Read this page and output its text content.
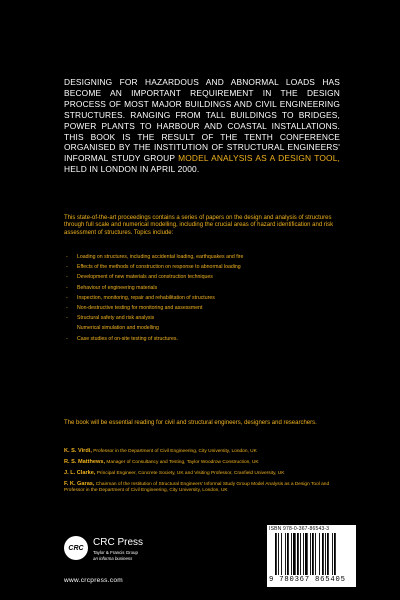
DESIGNING FOR HAZARDOUS AND ABNORMAL LOADS HAS BECOME AN IMPORTANT REQUIREMENT IN THE DESIGN PROCESS OF MOST MAJOR BUILDINGS AND CIVIL ENGINEERING STRUCTURES. RANGING FROM TALL BUILDINGS TO BRIDGES, POWER PLANTS TO HARBOUR AND COASTAL INSTALLATIONS. THIS BOOK IS THE RESULT OF THE TENTH CONFERENCE ORGANISED BY THE INSTITUTION OF STRUCTURAL ENGINEERS' INFORMAL STUDY GROUP MODEL ANALYSIS AS A DESIGN TOOL, HELD IN LONDON IN APRIL 2000.
This state-of-the-art proceedings contains a series of papers on the design and analysis of structures through full scale and numerical modelling, including the crucial areas of hazard identification and risk assessment of structures. Topics include:
- Loading on structures, including accidental loading, earthquakes and fire
- Effects of the methods of construction on response to abnormal loading
- Development of new materials and construction techniques
- Behaviour of engineering materials
- Inspection, monitoring, repair and rehabilitation of structures
- Non-destructive testing for monitoring and assessment
- Structural safety and risk analysis
Numerical simulation and modelling
- Case studies of on-site testing of structures.
The book will be essential reading for civil and structural engineers, designers and researchers.
K. S. Virdi, Professor in the Department of Civil Engineering, City University, London, UK
R. S. Matthews, Manager of Consultancy and Testing, Taylor Woodrow Construction, UK
J. L. Clarke, Principal Engineer, Concrete Society, UK and Visiting Professor, Cranfield University, UK
F. K. Garas, Chairman of the Institution of Structural Engineers' Informal Study Group Model Analysis as a Design Tool and Professor in the Department of Civil Engineering, City University, London, UK
CRC CRC Press
Taylor & Francis Group
an informa business
www.crcpress.com
ISBN 978-0-367-86543-3
9 780367 865405
